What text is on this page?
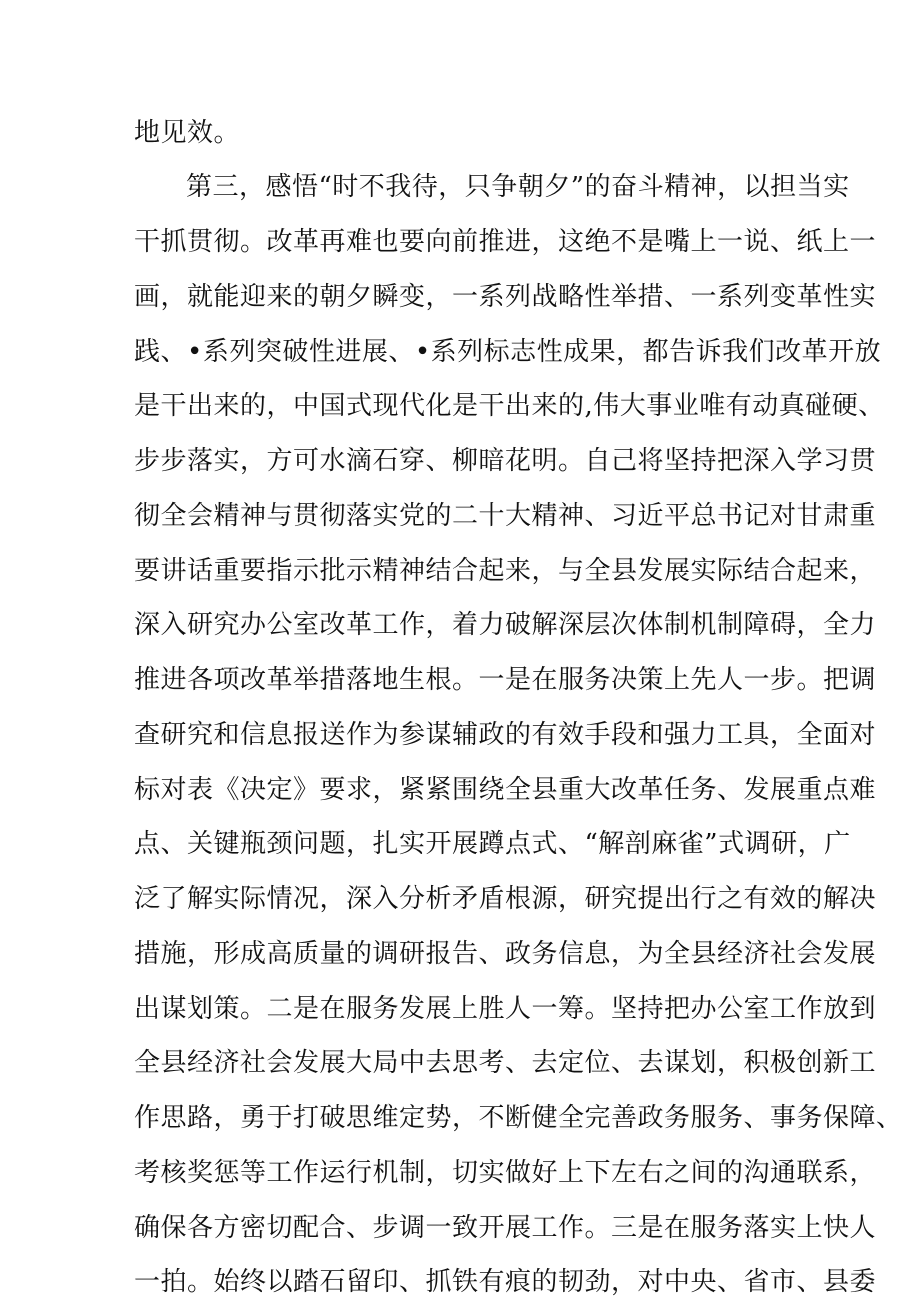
地见效。
第三，感悟“时不我待，只争朝夕”的奋斗精神，以担当实
干抓贯彻。改革再难也要向前推进，这绝不是嘴上一说、纸上一
画，就能迎来的朝夕瞬变，一系列战略性举措、一系列变革性实
践、•系列突破性进展、•系列标志性成果，都告诉我们改革开放
是干出来的，中国式现代化是干出来的,伟大事业唯有动真碰硬、
步步落实，方可水滴石穿、柳暗花明。自己将坚持把深入学习贯
彻全会精神与贯彻落实党的二十大精神、习近平总书记对甘肃重
要讲话重要指示批示精神结合起来，与全县发展实际结合起来，
深入研究办公室改革工作，着力破解深层次体制机制障碍，全力
推进各项改革举措落地生根。一是在服务决策上先人一步。把调
查研究和信息报送作为参谋辅政的有效手段和强力工具，全面对
标对表《决定》要求，紧紧围绕全县重大改革任务、发展重点难
点、关键瓶颈问题，扎实开展蹲点式、“解剖麻雀”式调研，广
泛了解实际情况，深入分析矛盾根源，研究提出行之有效的解决
措施，形成高质量的调研报告、政务信息，为全县经济社会发展
出谋划策。二是在服务发展上胜人一筹。坚持把办公室工作放到
全县经济社会发展大局中去思考、去定位、去谋划，积极创新工
作思路，勇于打破思维定势，不断健全完善政务服务、事务保障、
考核奖惩等工作运行机制，切实做好上下左右之间的沟通联系，
确保各方密切配合、步调一致开展工作。三是在服务落实上快人
一拍。始终以踏石留印、抓铁有痕的韧劲，对中央、省市、县委
